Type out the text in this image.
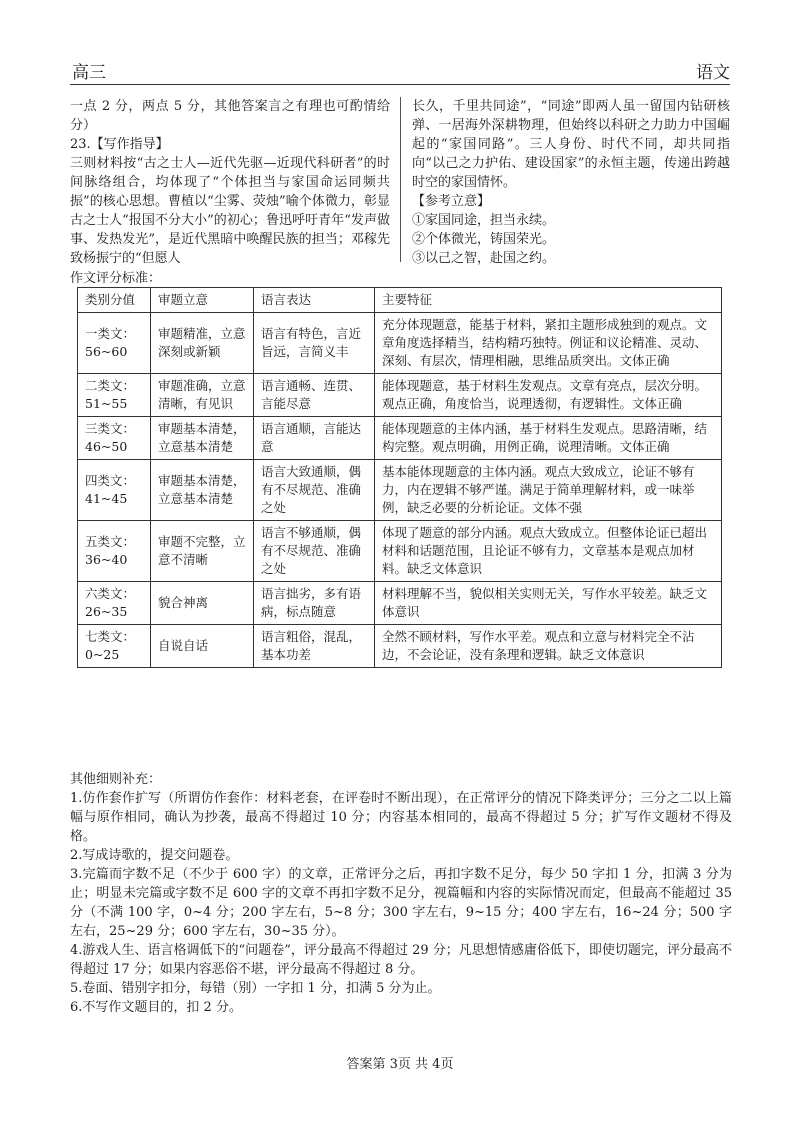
高三	语文

一点 2 分，两点 5 分，其他答案言之有理也可酌情给分）

23.【写作指导】

三则材料按“古之士人—近代先驱—近现代科研者”的时间脉络组合，均体现了“个体担当与家国命运同频共振”的核心思想。曹植以“尘雾、荧烛”喻个体微力，彰显古之士人“报国不分大小”的初心；鲁迅呼吁青年“发声做事、发热发光”，是近代黑暗中唤醒民族的担当；邓稼先致杨振宁的“但愿人

长久，千里共同途”，“同途”即两人虽一留国内钻研核弹、一居海外深耕物理，但始终以科研之力助力中国崛起的“家国同路”。三人身份、时代不同，却共同指向“以己之力护佑、建设国家”的永恒主题，传递出跨越时空的家国情怀。

【参考立意】

①家国同途，担当永续。

②个体微光，铸国荣光。

③以己之智，赴国之约。

作文评分标准：
类别分值	审题立意	语言表达	主要特征
一类文：56~60	审题精准，立意深刻或新颖	语言有特色，言近旨远，言简义丰	充分体现题意，能基于材料，紧扣主题形成独到的观点。文章角度选择精当，结构精巧独特。例证和议论精准、灵动、深刻、有层次，情理相融，思维品质突出。文体正确
二类文：51~55	审题准确，立意清晰，有见识	语言通畅、连贯、言能尽意	能体现题意，基于材料生发观点。文章有亮点，层次分明。观点正确，角度恰当，说理透彻，有逻辑性。文体正确
三类文：46~50	审题基本清楚，立意基本清楚	语言通顺，言能达意	能体现题意的主体内涵，基于材料生发观点。思路清晰，结构完整。观点明确，用例正确，说理清晰。文体正确
四类文：41~45	审题基本清楚，立意基本清楚	语言大致通顺，偶有不尽规范、准确之处	基本能体现题意的主体内涵。观点大致成立，论证不够有力，内在逻辑不够严谨。满足于简单理解材料，或一味举例，缺乏必要的分析论证。文体不强
五类文：36~40	审题不完整，立意不清晰	语言不够通顺，偶有不尽规范、准确之处	体现了题意的部分内涵。观点大致成立。但整体论证已超出材料和话题范围，且论证不够有力，文章基本是观点加材料。缺乏文体意识
六类文：26~35	貌合神离	语言拙劣，多有语病，标点随意	材料理解不当，貌似相关实则无关，写作水平较差。缺乏文体意识
七类文：0~25	自说自话	语言粗俗，混乱，基本功差	全然不顾材料，写作水平差。观点和立意与材料完全不沾边，不会论证，没有条理和逻辑。缺乏文体意识

其他细则补充：

1.仿作套作扩写（所谓仿作套作：材料老套，在评卷时不断出现），在正常评分的情况下降类评分；三分之二以上篇幅与原作相同，确认为抄袭，最高不得超过 10 分；内容基本相同的，最高不得超过 5 分；扩写作文题材不得及格。

2.写成诗歌的，提交问题卷。

3.完篇而字数不足（不少于 600 字）的文章，正常评分之后，再扣字数不足分，每少 50 字扣 1 分，扣满 3 分为止；明显未完篇或字数不足 600 字的文章不再扣字数不足分，视篇幅和内容的实际情况而定，但最高不能超过 35 分（不满 100 字，0~4 分；200 字左右，5~8 分；300 字左右，9~15 分；400 字左右，16~24 分；500 字左右，25~29 分；600 字左右，30~35 分）。

4.游戏人生、语言格调低下的“问题卷”，评分最高不得超过 29 分；凡思想情感庸俗低下，即使切题完，评分最高不得超过 17 分；如果内容恶俗不堪，评分最高不得超过 8 分。

5.卷面、错别字扣分，每错（别）一字扣 1 分，扣满 5 分为止。

6.不写作文题目的，扣 2 分。

答案第 3页 共 4页
